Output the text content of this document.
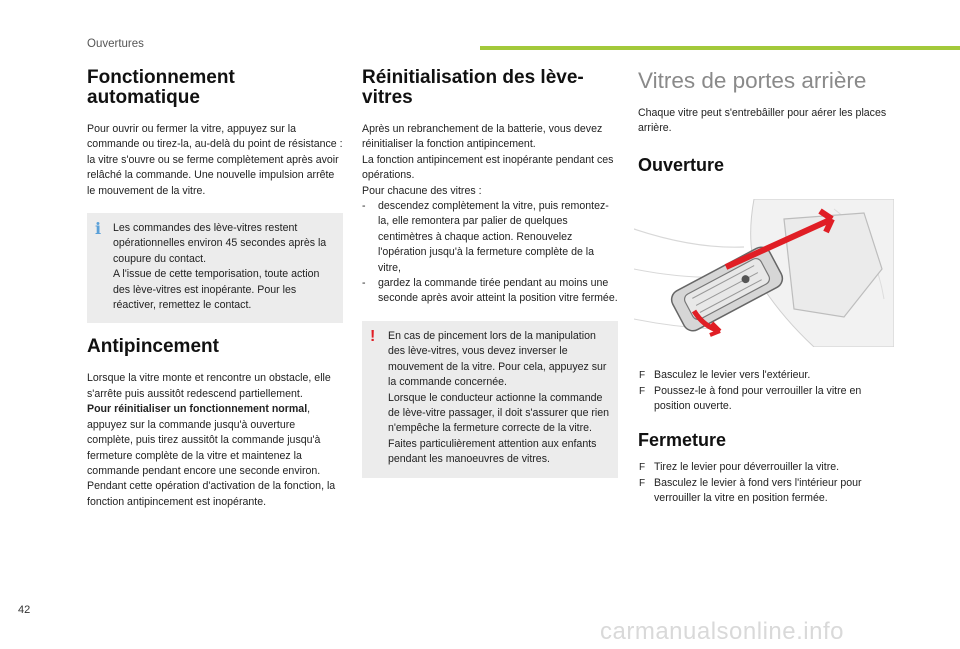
Ouvertures
Fonctionnement automatique

Pour ouvrir ou fermer la vitre, appuyez sur la commande ou tirez-la, au-delà du point de résistance : la vitre s'ouvre ou se ferme complètement après avoir relâché la commande. Une nouvelle impulsion arrête le mouvement de la vitre.

i Les commandes des lève-vitres restent opérationnelles environ 45 secondes après la coupure du contact.

A l'issue de cette temporisation, toute action des lève-vitres est inopérante. Pour les réactiver, remettez le contact.

Antipincement

Lorsque la vitre monte et rencontre un obstacle, elle s'arrête puis aussitôt redescend partiellement.

Pour réinitialiser un fonctionnement normal, appuyez sur la commande jusqu'à ouverture complète, puis tirez aussitôt la commande jusqu'à fermeture complète de la vitre et maintenez la commande pendant encore une seconde environ.

Pendant cette opération d'activation de la fonction, la fonction antipincement est inopérante.

Réinitialisation des lève-vitres

Après un rebranchement de la batterie, vous devez réinitialiser la fonction antipincement.

La fonction antipincement est inopérante pendant ces opérations.

Pour chacune des vitres :

- descendez complètement la vitre, puis remontez-la, elle remontera par palier de quelques centimètres à chaque action. Renouvelez l'opération jusqu'à la fermeture complète de la vitre,
- gardez la commande tirée pendant au moins une seconde après avoir atteint la position vitre fermée.
! En cas de pincement lors de la manipulation des lève-vitres, vous devez inverser le mouvement de la vitre. Pour cela, appuyez sur la commande concernée.

Lorsque le conducteur actionne la commande de lève-vitre passager, il doit s'assurer que rien n'empêche la fermeture correcte de la vitre.

Faites particulièrement attention aux enfants pendant les manoeuvres de vitres.

Vitres de portes arrière

Chaque vitre peut s'entrebâiller pour aérer les places arrière.

Ouverture
F Basculez le levier vers l'extérieur.
F Poussez-le à fond pour verrouiller la vitre en position ouverte.
Fermeture
F Tirez le levier pour déverrouiller la vitre.
F Basculez le levier à fond vers l'intérieur pour verrouiller la vitre en position fermée.
42
carmanualsonline.info
